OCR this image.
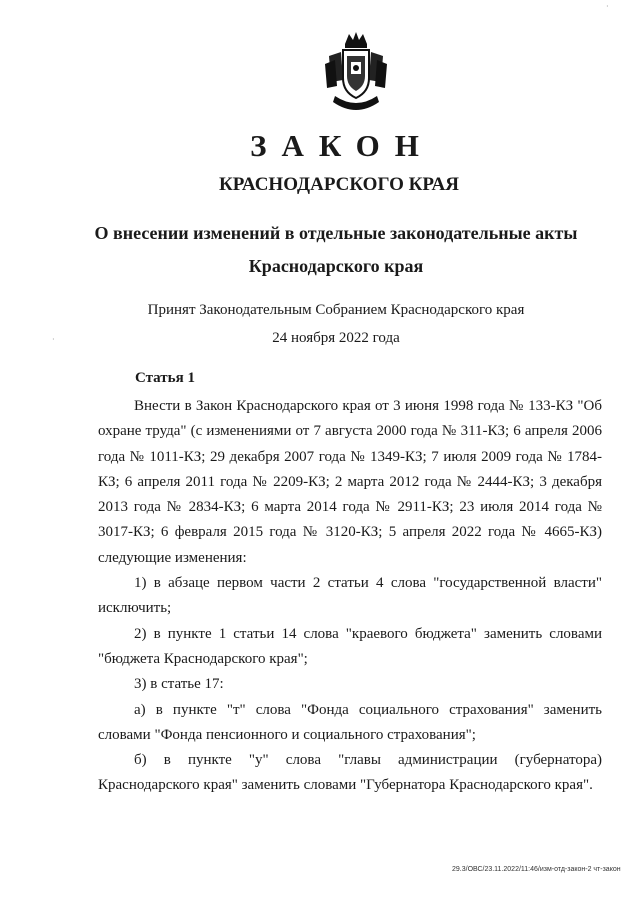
·
·
ЗАКОН
КРАСНОДАРСКОГО КРАЯ
О внесении изменений в отдельные законодательные акты
Краснодарского края
Принят Законодательным Собранием Краснодарского края
24 ноября 2022 года
Статья 1

Внести в Закон Краснодарского края от 3 июня 1998 года № 133-КЗ "Об охране труда" (с изменениями от 7 августа 2000 года № 311-КЗ; 6 апреля 2006 года № 1011-КЗ; 29 декабря 2007 года № 1349-КЗ; 7 июля 2009 года № 1784-КЗ; 6 апреля 2011 года № 2209-КЗ; 2 марта 2012 года № 2444-КЗ; 3 декабря 2013 года № 2834-КЗ; 6 марта 2014 года № 2911-КЗ; 23 июля 2014 года № 3017-КЗ; 6 февраля 2015 года № 3120-КЗ; 5 апреля 2022 года № 4665-КЗ) следующие изменения:

1) в абзаце первом части 2 статьи 4 слова "государственной власти" исключить;

2) в пункте 1 статьи 14 слова "краевого бюджета" заменить словами "бюджета Краснодарского края";

3) в статье 17:

а) в пункте "т" слова "Фонда социального страхования" заменить словами "Фонда пенсионного и социального страхования";

б) в пункте "у" слова "главы администрации (губернатора) Краснодарского края" заменить словами "Губернатора Краснодарского края".

29.3/ОВС/23.11.2022/11:46/изм-отд-закон-2 чт-закон
